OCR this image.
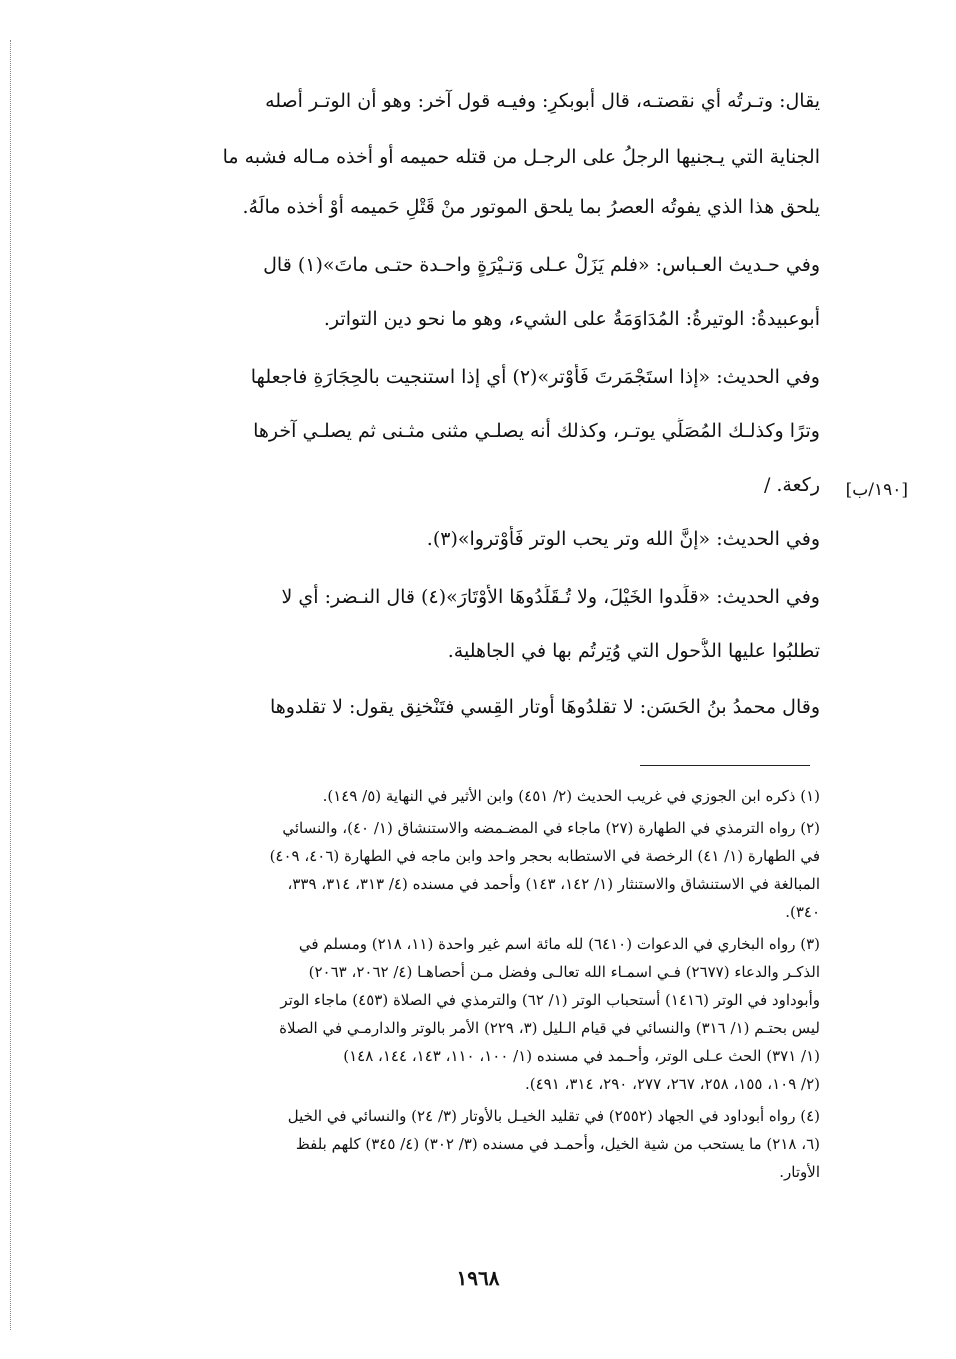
يقال: وتـرتُه أي نقصتـه، قال أبوبكرٍ: وفيـه قول آخر: وهو أن الوتـر أصله

الجناية التي يـجنيها الرجلُ على الرجـل من قتله حميمه أو أخذه مـاله فشبه ما

يلحق هذا الذي يفوتُه العصرُ بما يلحق الموتور منْ قَتْلِ حَميمه أوْ أخذه مالَهُ.

وفي حـديث العـباس: «فلم يَزَلْ عـلى وَتـيْرَةٍ واحـدة حتـى ماتَ»(١) قال

أبوعبيدةُ: الوتيرةُ: المُدَاوَمَةُ على الشيء، وهو ما نحو دين التواتر.

وفي الحديث: «إذا استَجْمَرتَ فَأَوْتر»(٢) أي إذا استنجيت بالحِجَارَةِ فاجعلها

وترًا وكذلـك المُصَلِّي يوتـر، وكذلك أنه يصلـي مثنى مثـنى ثم يصلـي آخرها

ركعة. /

وفي الحديث: «إنَّ الله وتر يحب الوتر فَأَوْتروا»(٣).

وفي الحديث: «قلِّدوا الخَيْلَ، ولا تُـقَلِّدُوهَا الأَوْتَارَ»(٤) قال النـضر: أي لا

تطلبُوا عليها الذُّحول التي وُتِرتُم بها في الجاهلية.

وقال محمدُ بنُ الحَسَن: لا تقلدُوهَا أوتار القِسي فتَنْخنِق يقول: لا تقلدوها

[١٩٠/ب]

(١) ذكره ابن الجوزي في غريب الحديث (٢/ ٤٥١) وابن الأثير في النهاية (٥/ ١٤٩).

(٢) رواه الترمذي في الطهارة (٢٧) ماجاء في المضـمضه والاستنشاق (١/ ٤٠)، والنسائي

في الطهارة (١/ ٤١) الرخصة في الاستطابه بحجر واحد وابن ماجه في الطهارة (٤٠٦، ٤٠٩)

المبالغة في الاستنشاق والاستنثار (١/ ١٤٢، ١٤٣) وأحمد في مسنده (٤/ ٣١٣، ٣١٤، ٣٣٩،

٣٤٠).

(٣) رواه البخاري في الدعوات (٦٤١٠) لله مائة اسم غير واحدة (١١، ٢١٨) ومسلم في

الذكـر والدعاء (٢٦٧٧) فـي اسمـاء الله تعالـى وفضل مـن أحصاهـا (٤/ ٢٠٦٢، ٢٠٦٣)

وأبوداود في الوتر (١٤١٦) أستحباب الوتر (١/ ٦٢) والترمذي في الصلاة (٤٥٣) ماجاء الوتر

ليس بحتـم (١/ ٣١٦) والنسائي في قيام الـليل (٣، ٢٢٩) الأمر بالوتر والدارمـي في الصلاة

(١/ ٣٧١) الحث عـلى الوتر، وأحـمد في مسنده (١/ ١٠٠، ١١٠، ١٤٣، ١٤٤، ١٤٨)

(٢/ ١٠٩، ١٥٥، ٢٥٨، ٢٦٧، ٢٧٧، ٢٩٠، ٣١٤، ٤٩١).

(٤) رواه أبوداود في الجهاد (٢٥٥٢) في تقليد الخيـل بالأوتار (٣/ ٢٤) والنسائي في الخيل

(٦، ٢١٨) ما يستحب من شية الخيل، وأحمـد في مسنده (٣/ ٣٠٢) (٤/ ٣٤٥) كلهم بلفظ

الأوتار.

١٩٦٨
